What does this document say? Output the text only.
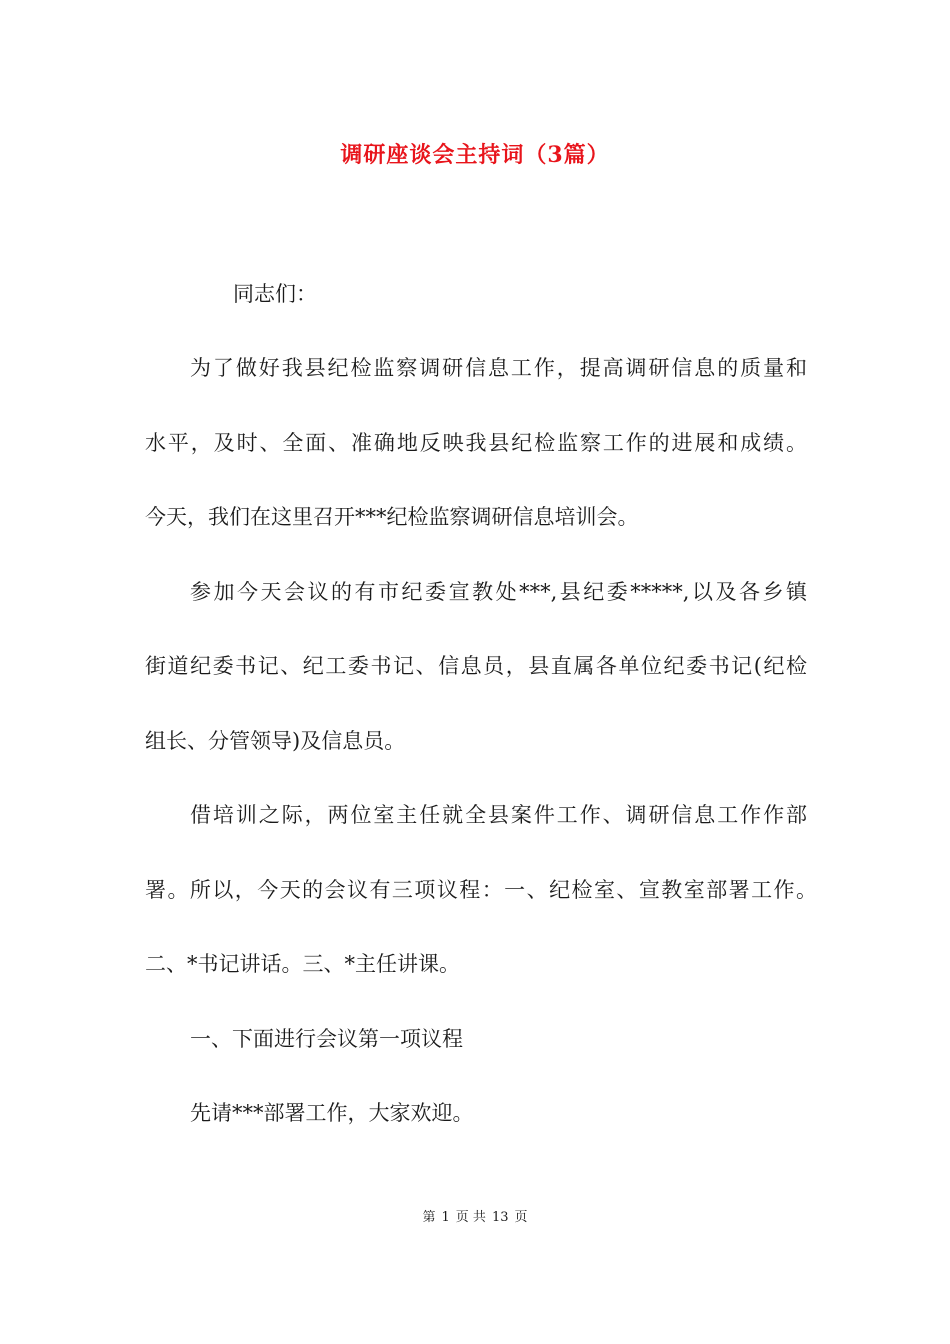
调研座谈会主持词（3篇）
同志们：
为了做好我县纪检监察调研信息工作，提高调研信息的质量和
水平，及时、全面、准确地反映我县纪检监察工作的进展和成绩。
今天，我们在这里召开***纪检监察调研信息培训会。
参加今天会议的有市纪委宣教处***,县纪委*****,以及各乡镇
街道纪委书记、纪工委书记、信息员，县直属各单位纪委书记(纪检
组长、分管领导)及信息员。
借培训之际，两位室主任就全县案件工作、调研信息工作作部
署。所以，今天的会议有三项议程：一、纪检室、宣教室部署工作。
二、*书记讲话。三、*主任讲课。
一、下面进行会议第一项议程
先请***部署工作，大家欢迎。
第 1 页 共 13 页
